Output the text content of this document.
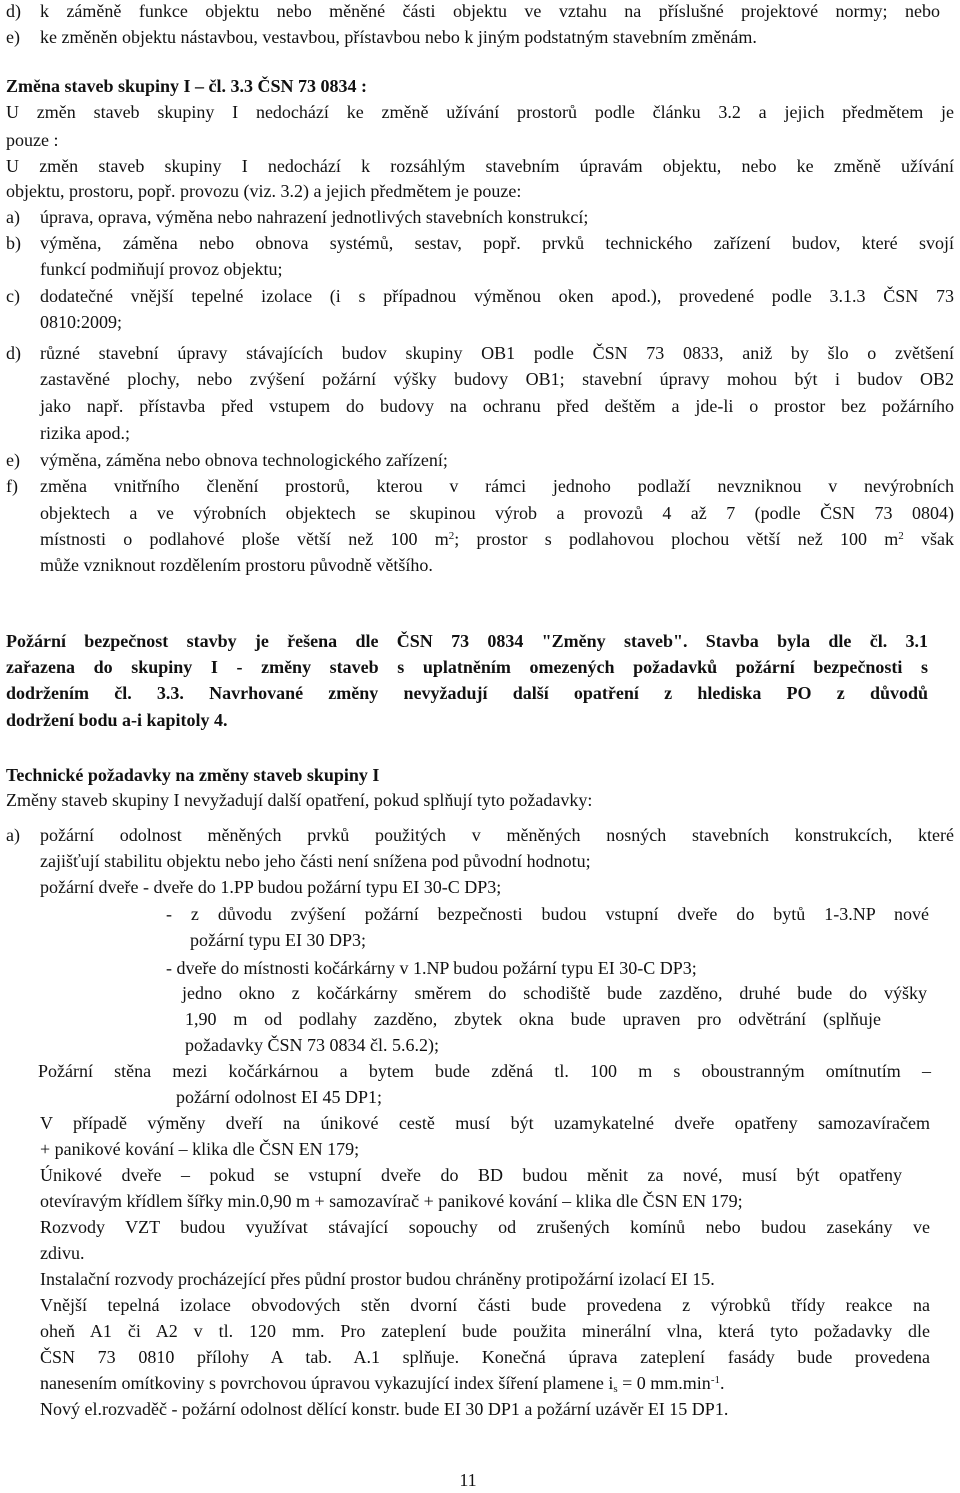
d) k záměně funkce objektu nebo měněné části objektu ve vztahu na příslušné projektové normy; nebo
e) ke změněn objektu nástavbou, vestavbou, přístavbou nebo k jiným podstatným stavebním změnám.
Změna staveb skupiny I – čl. 3.3 ČSN 73 0834 :
U změn staveb skupiny I nedochází ke změně užívání prostorů podle článku 3.2 a jejich předmětem je
pouze :
U změn staveb skupiny I nedochází k rozsáhlým stavebním úpravám objektu, nebo ke změně užívání
objektu, prostoru, popř. provozu (viz. 3.2) a jejich předmětem je pouze:
a) úprava, oprava, výměna nebo nahrazení jednotlivých stavebních konstrukcí;
b) výměna, záměna nebo obnova systémů, sestav, popř. prvků technického zařízení budov, které svojí
funkcí podmiňují provoz objektu;
c) dodatečné vnější tepelné izolace (i s případnou výměnou oken apod.), provedené podle 3.1.3 ČSN 73
0810:2009;
d) různé stavební úpravy stávajících budov skupiny OB1 podle ČSN 73 0833, aniž by šlo o zvětšení
zastavěné plochy, nebo zvýšení požární výšky budovy OB1; stavební úpravy mohou být i budov OB2
jako např. přístavba před vstupem do budovy na ochranu před deštěm a jde-li o prostor bez požárního
rizika apod.;
e) výměna, záměna nebo obnova technologického zařízení;
f) změna vnitřního členění prostorů, kterou v rámci jednoho podlaží nevzniknou v nevýrobních
objektech a ve výrobních objektech se skupinou výrob a provozů 4 až 7 (podle ČSN 73 0804)
místnosti o podlahové ploše větší než 100 $m^2$; prostor s podlahovou plochou větší než 100 $m^2$ však
může vzniknout rozdělením prostoru původně většího.
Požární bezpečnost stavby je řešena dle ČSN 73 0834 "Změny staveb". Stavba byla dle čl. 3.1
zařazena do skupiny I - změny staveb s uplatněním omezených požadavků požární bezpečnosti s
dodržením čl. 3.3. Navrhované změny nevyžadují další opatření z hlediska PO z důvodů
dodržení bodu a-i kapitoly 4.
Technické požadavky na změny staveb skupiny I
Změny staveb skupiny I nevyžadují další opatření, pokud splňují tyto požadavky:
a) požární odolnost měněných prvků použitých v měněných nosných stavebních konstrukcích, které
zajišťují stabilitu objektu nebo jeho části není snížena pod původní hodnotu;
požární dveře - dveře do 1.PP budou požární typu EI 30-C DP3;
- z důvodu zvýšení požární bezpečnosti budou vstupní dveře do bytů 1-3.NP nové
požární typu EI 30 DP3;
- dveře do místnosti kočárkárny v 1.NP budou požární typu EI 30-C DP3;
jedno okno z kočárkárny směrem do schodiště bude zazděno, druhé bude do výšky
1,90 m od podlahy zazděno, zbytek okna bude upraven pro odvětrání (splňuje
požadavky ČSN 73 0834 čl. 5.6.2);
Požární stěna mezi kočárkárnou a bytem bude zděná tl. 100 m s oboustranným omítnutím –
požární odolnost EI 45 DP1;
V případě výměny dveří na únikové cestě musí být uzamykatelné dveře opatřeny samozavíračem
+ panikové kování – klika dle ČSN EN 179;
Únikové dveře – pokud se vstupní dveře do BD budou měnit za nové, musí být opatřeny
otevíravým křídlem šířky min.0,90 m + samozavírač + panikové kování – klika dle ČSN EN 179;
Rozvody VZT budou využívat stávající sopouchy od zrušených komínů nebo budou zasekány ve
zdivu.
Instalační rozvody procházející přes půdní prostor budou chráněny protipožární izolací EI 15.
Vnější tepelná izolace obvodových stěn dvorní části bude provedena z výrobků třídy reakce na
oheň A1 či A2 v tl. 120 mm. Pro zateplení bude použita minerální vlna, která tyto požadavky dle
ČSN 73 0810 přílohy A tab. A.1 splňuje. Konečná úprava zateplení fasády bude provedena
nanesením omítkoviny s povrchovou úpravou vykazující index šíření plamene $i_s = 0$ $mm.\min^{-1}$.
Nový el.rozvaděč - požární odolnost dělící konstr. bude EI 30 DP1 a požární uzávěr EI 15 DP1.
11
